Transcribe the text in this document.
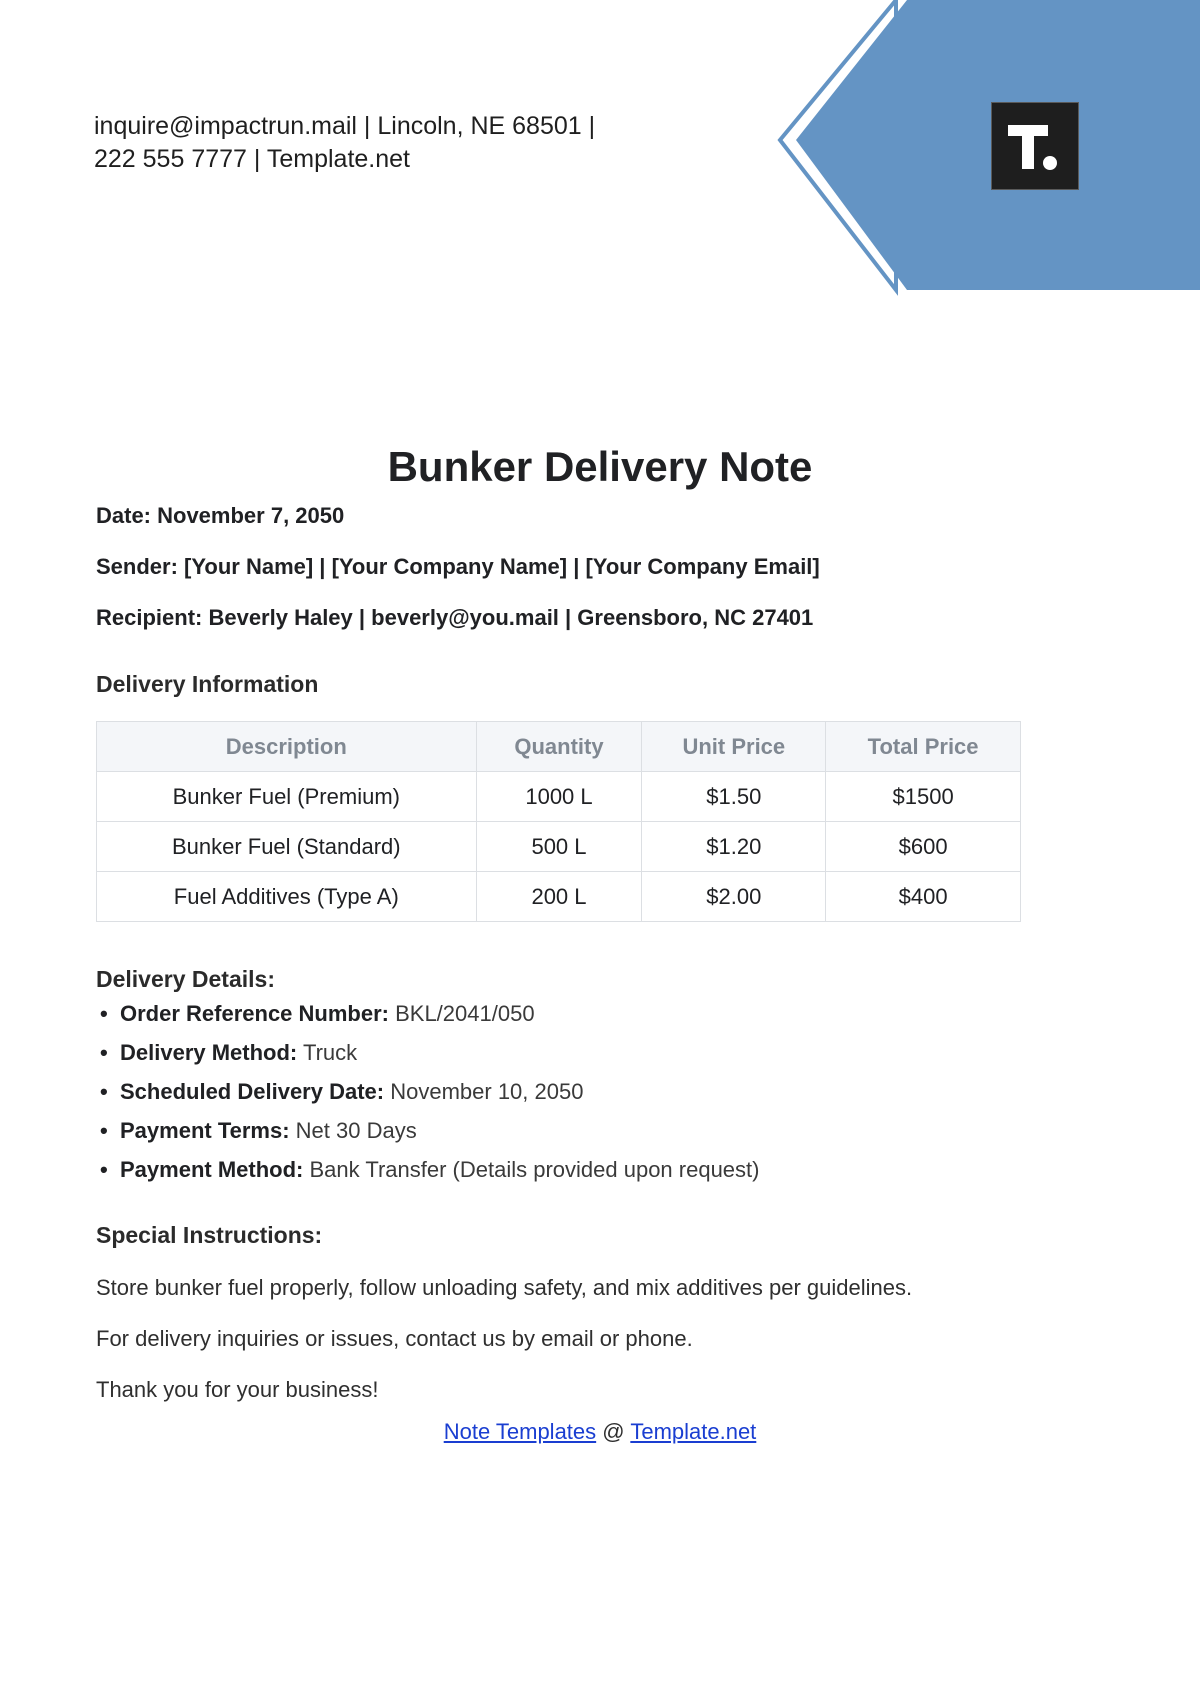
inquire@impactrun.mail | Lincoln, NE 68501 |
222 555 7777 | Template.net
Bunker Delivery Note

Date: November 7, 2050

Sender: [Your Name] | [Your Company Name] | [Your Company Email]

Recipient: Beverly Haley | beverly@you.mail | Greensboro, NC 27401

Delivery Information
Description	Quantity	Unit Price	Total Price
Bunker Fuel (Premium)	1000 L	$1.50	$1500
Bunker Fuel (Standard)	500 L	$1.20	$600
Fuel Additives (Type A)	200 L	$2.00	$400
Delivery Details:
• Order Reference Number: BKL/2041/050
• Delivery Method: Truck
• Scheduled Delivery Date: November 10, 2050
• Payment Terms: Net 30 Days
• Payment Method: Bank Transfer (Details provided upon request)
Special Instructions:

Store bunker fuel properly, follow unloading safety, and mix additives per guidelines.

For delivery inquiries or issues, contact us by email or phone.

Thank you for your business!

Note Templates @ Template.net
